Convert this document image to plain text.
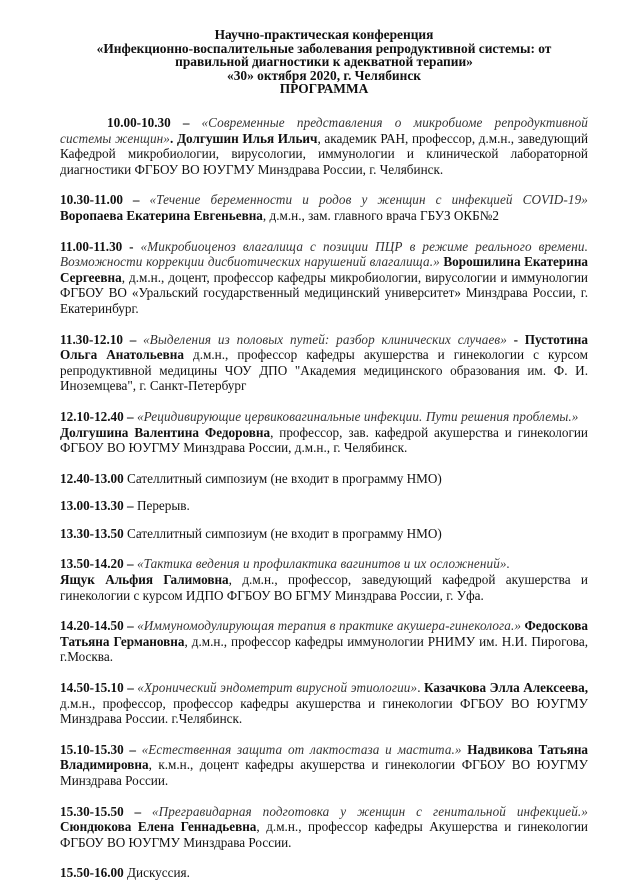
Научно-практическая конференция
«Инфекционно-воспалительные заболевания репродуктивной системы: от
правильной диагностики к адекватной терапии»
«30» октября 2020, г. Челябинск
ПРОГРАММА

10.00-10.30 – «Современные представления о микробиоме репродуктивной системы женщин». Долгушин Илья Ильич, академик РАН, профессор, д.м.н., заведующий Кафедрой микробиологии, вирусологии, иммунологии и клинической лабораторной диагностики ФГБОУ ВО ЮУГМУ Минздрава России, г. Челябинск.

10.30-11.00 – «Течение беременности и родов у женщин с инфекцией COVID-19» Воропаева Екатерина Евгеньевна, д.м.н., зам. главного врача ГБУЗ ОКБ№2

11.00-11.30 - «Микробиоценоз влагалища с позиции ПЦР в режиме реального времени. Возможности коррекции дисбиотических нарушений влагалища.» Ворошилина Екатерина Сергеевна, д.м.н., доцент, профессор кафедры микробиологии, вирусологии и иммунологии ФГБОУ ВО «Уральский государственный медицинский университет» Минздрава России, г. Екатеринбург.

11.30-12.10 – «Выделения из половых путей: разбор клинических случаев» - Пустотина Ольга Анатольевна д.м.н., профессор кафедры акушерства и гинекологии с курсом репродуктивной медицины ЧОУ ДПО "Академия медицинского образования им. Ф. И. Иноземцева", г. Санкт-Петербург

12.10-12.40 – «Рецидивирующие цервиковагинальные инфекции. Пути решения проблемы.»
Долгушина Валентина Федоровна, профессор, зав. кафедрой акушерства и гинекологии ФГБОУ ВО ЮУГМУ Минздрава России, д.м.н., г. Челябинск.

12.40-13.00 Сателлитный симпозиум (не входит в программу НМО)

13.00-13.30 – Перерыв.

13.30-13.50 Сателлитный симпозиум (не входит в программу НМО)

13.50-14.20 – «Тактика ведения и профилактика вагинитов и их осложнений».
Ящук Альфия Галимовна, д.м.н., профессор, заведующий кафедрой акушерства и гинекологии с курсом ИДПО ФГБОУ ВО БГМУ Минздрава России, г. Уфа.

14.20-14.50 – «Иммуномодулирующая терапия в практике акушера-гинеколога.» Федоскова Татьяна Германовна, д.м.н., профессор кафедры иммунологии РНИМУ им. Н.И. Пирогова, г.Москва.

14.50-15.10 – «Хронический эндометрит вирусной этиологии». Казачкова Элла Алексеева, д.м.н., профессор, профессор кафедры акушерства и гинекологии ФГБОУ ВО ЮУГМУ Минздрава России. г.Челябинск.

15.10-15.30 – «Естественная защита от лактостаза и мастита.» Надвикова Татьяна Владимировна, к.м.н., доцент кафедры акушерства и гинекологии ФГБОУ ВО ЮУГМУ Минздрава России.

15.30-15.50 – «Прегравидарная подготовка у женщин с генитальной инфекцией.» Сюндюкова Елена Геннадьевна, д.м.н., профессор кафедры Акушерства и гинекологии ФГБОУ ВО ЮУГМУ Минздрава России.

15.50-16.00 Дискуссия.
